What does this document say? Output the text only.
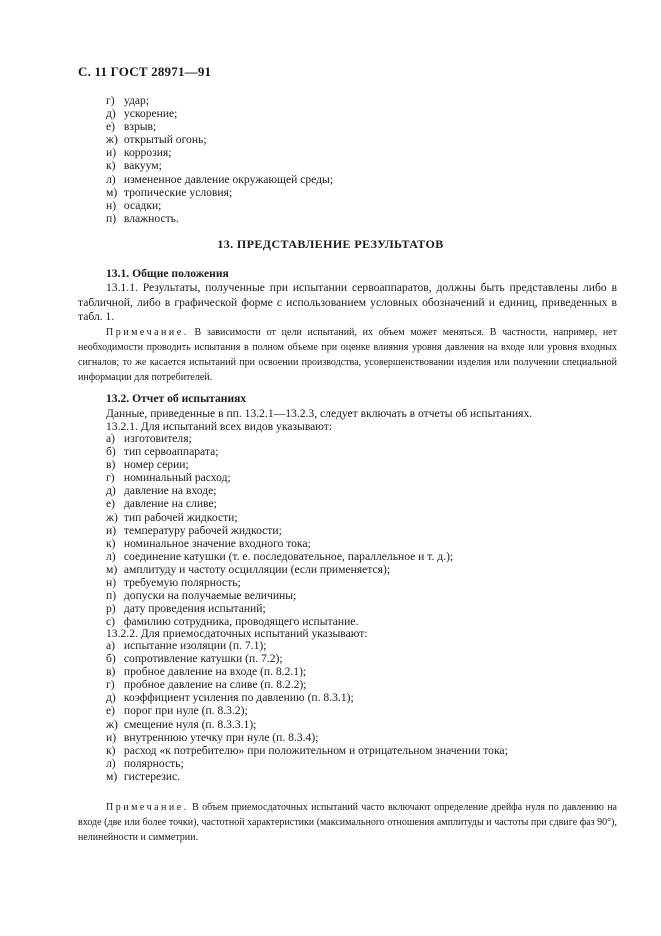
С. 11 ГОСТ 28971—91
г) удар;
д) ускорение;
е) взрыв;
ж) открытый огонь;
и) коррозия;
к) вакуум;
л) измененное давление окружающей среды;
м) тропические условия;
н) осадки;
п) влажность.
13. ПРЕДСТАВЛЕНИЕ РЕЗУЛЬТАТОВ
13.1. Общие положения
13.1.1. Результаты, полученные при испытании сервоаппаратов, должны быть представлены либо в табличной, либо в графической форме с использованием условных обозначений и единиц, приведенных в табл. 1.
Примечание. В зависимости от цели испытаний, их объем может меняться. В частности, например, нет необходимости проводить испытания в полном объеме при оценке влияния уровня давления на входе или уровня входных сигналов; то же касается испытаний при освоении производства, усовершенствовании изделия или получении специальной информации для потребителей.
13.2. Отчет об испытаниях
Данные, приведенные в пп. 13.2.1—13.2.3, следует включать в отчеты об испытаниях.
13.2.1. Для испытаний всех видов указывают:
а) изготовителя;
б) тип сервоаппарата;
в) номер серии;
г) номинальный расход;
д) давление на входе;
е) давление на сливе;
ж) тип рабочей жидкости;
и) температуру рабочей жидкости;
к) номинальное значение входного тока;
л) соединение катушки (т. е. последовательное, параллельное и т. д.);
м) амплитуду и частоту осцилляции (если применяется);
н) требуемую полярность;
п) допуски на получаемые величины;
р) дату проведения испытаний;
с) фамилию сотрудника, проводящего испытание.
13.2.2. Для приемосдаточных испытаний указывают:
а) испытание изоляции (п. 7.1);
б) сопротивление катушки (п. 7.2);
в) пробное давление на входе (п. 8.2.1);
г) пробное давление на сливе (п. 8.2.2);
д) коэффициент усиления по давлению (п. 8.3.1);
е) порог при нуле (п. 8.3.2);
ж) смещение нуля (п. 8.3.3.1);
и) внутреннюю утечку при нуле (п. 8.3.4);
к) расход «к потребителю» при положительном и отрицательном значении тока;
л) полярность;
м) гистерезис.
Примечание. В объем приемосдаточных испытаний часто включают определение дрейфа нуля по давлению на входе (две или более точки), частотной характеристики (максимального отношения амплитуды и частоты при сдвиге фаз 90°), нелинейности и симметрии.
